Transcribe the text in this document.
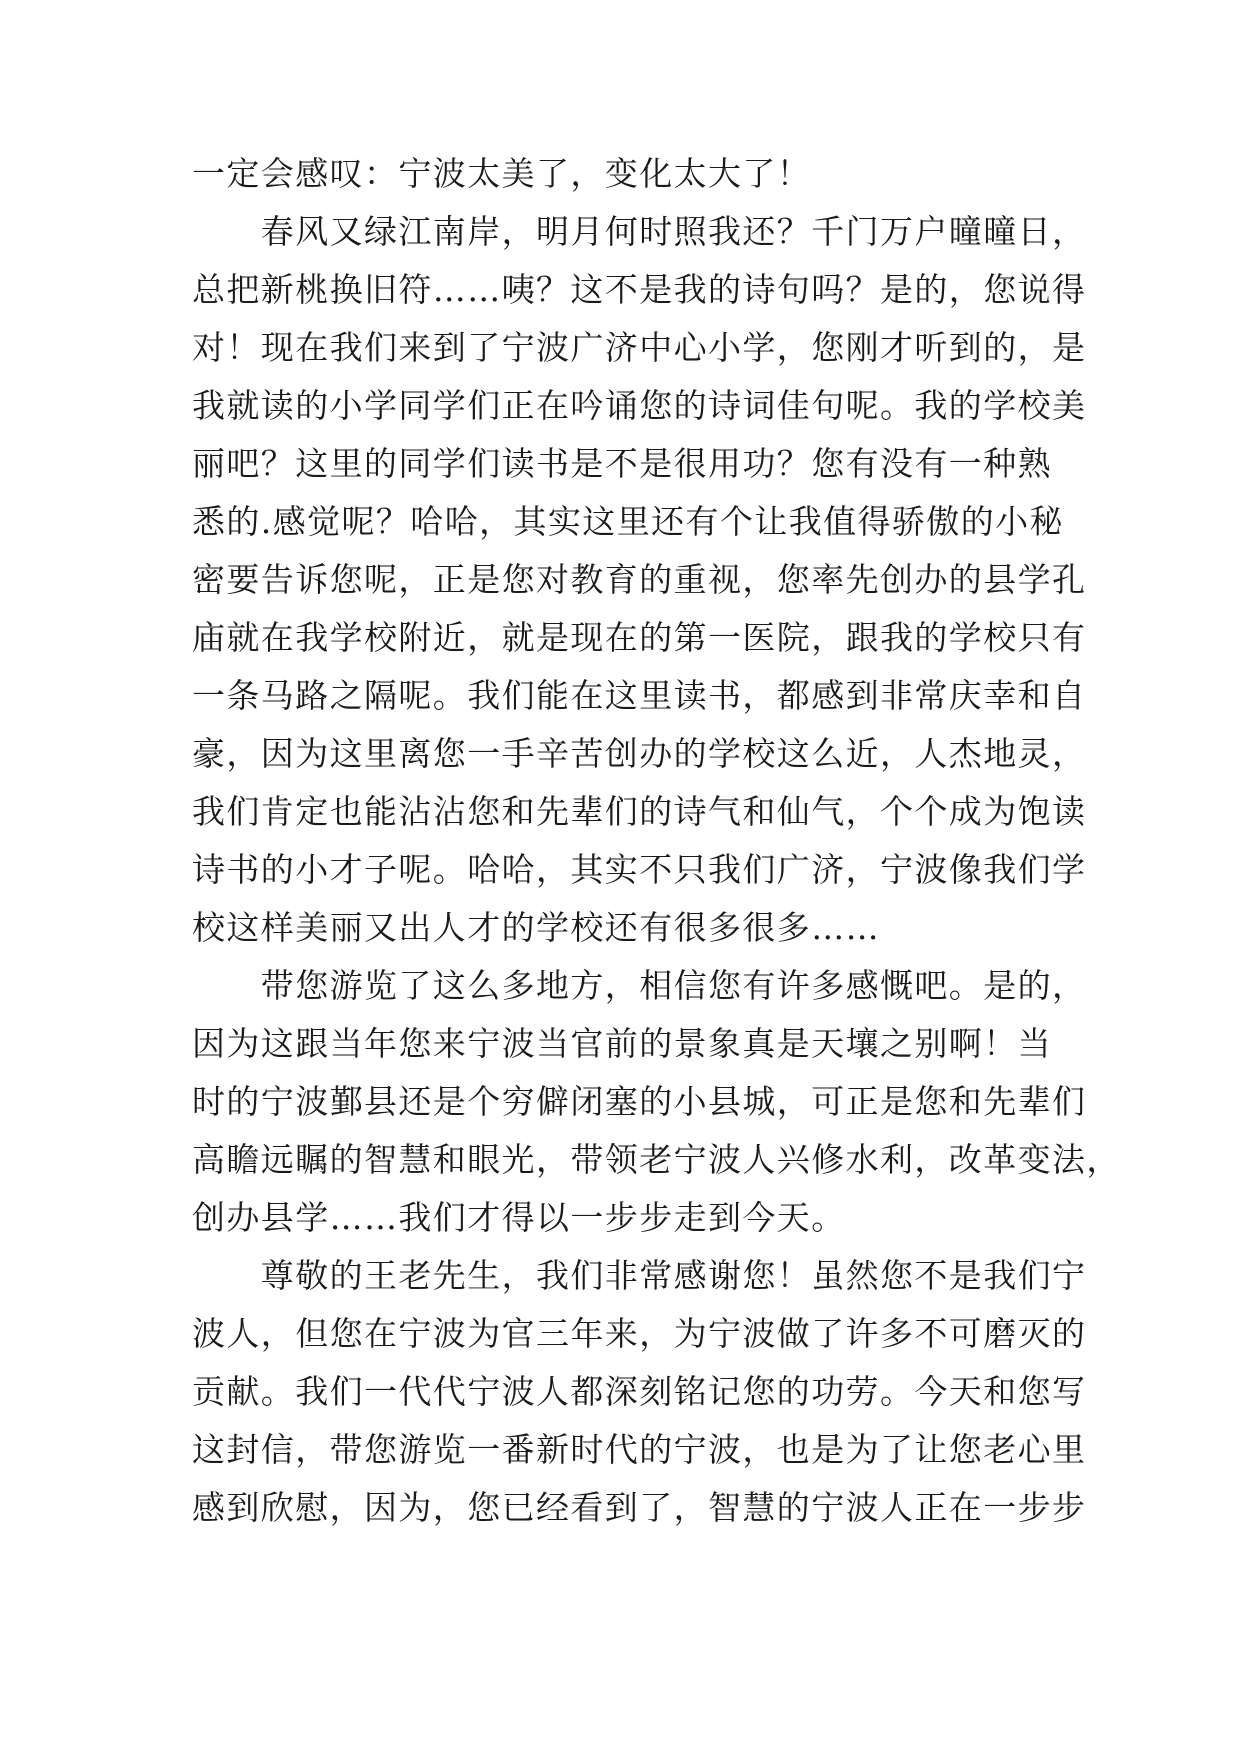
一定会感叹：宁波太美了，变化太大了！
　　春风又绿江南岸，明月何时照我还？千门万户曈曈日，
总把新桃换旧符……咦？这不是我的诗句吗？是的，您说得
对！现在我们来到了宁波广济中心小学，您刚才听到的，是
我就读的小学同学们正在吟诵您的诗词佳句呢。我的学校美
丽吧？这里的同学们读书是不是很用功？您有没有一种熟
悉的.感觉呢？哈哈，其实这里还有个让我值得骄傲的小秘
密要告诉您呢，正是您对教育的重视，您率先创办的县学孔
庙就在我学校附近，就是现在的第一医院，跟我的学校只有
一条马路之隔呢。我们能在这里读书，都感到非常庆幸和自
豪，因为这里离您一手辛苦创办的学校这么近，人杰地灵，
我们肯定也能沾沾您和先辈们的诗气和仙气，个个成为饱读
诗书的小才子呢。哈哈，其实不只我们广济，宁波像我们学
校这样美丽又出人才的学校还有很多很多……
　　带您游览了这么多地方，相信您有许多感慨吧。是的，
因为这跟当年您来宁波当官前的景象真是天壤之别啊！当
时的宁波鄞县还是个穷僻闭塞的小县城，可正是您和先辈们
高瞻远瞩的智慧和眼光，带领老宁波人兴修水利，改革变法，
创办县学……我们才得以一步步走到今天。
　　尊敬的王老先生，我们非常感谢您！虽然您不是我们宁
波人，但您在宁波为官三年来，为宁波做了许多不可磨灭的
贡献。我们一代代宁波人都深刻铭记您的功劳。今天和您写
这封信，带您游览一番新时代的宁波，也是为了让您老心里
感到欣慰，因为，您已经看到了，智慧的宁波人正在一步步
